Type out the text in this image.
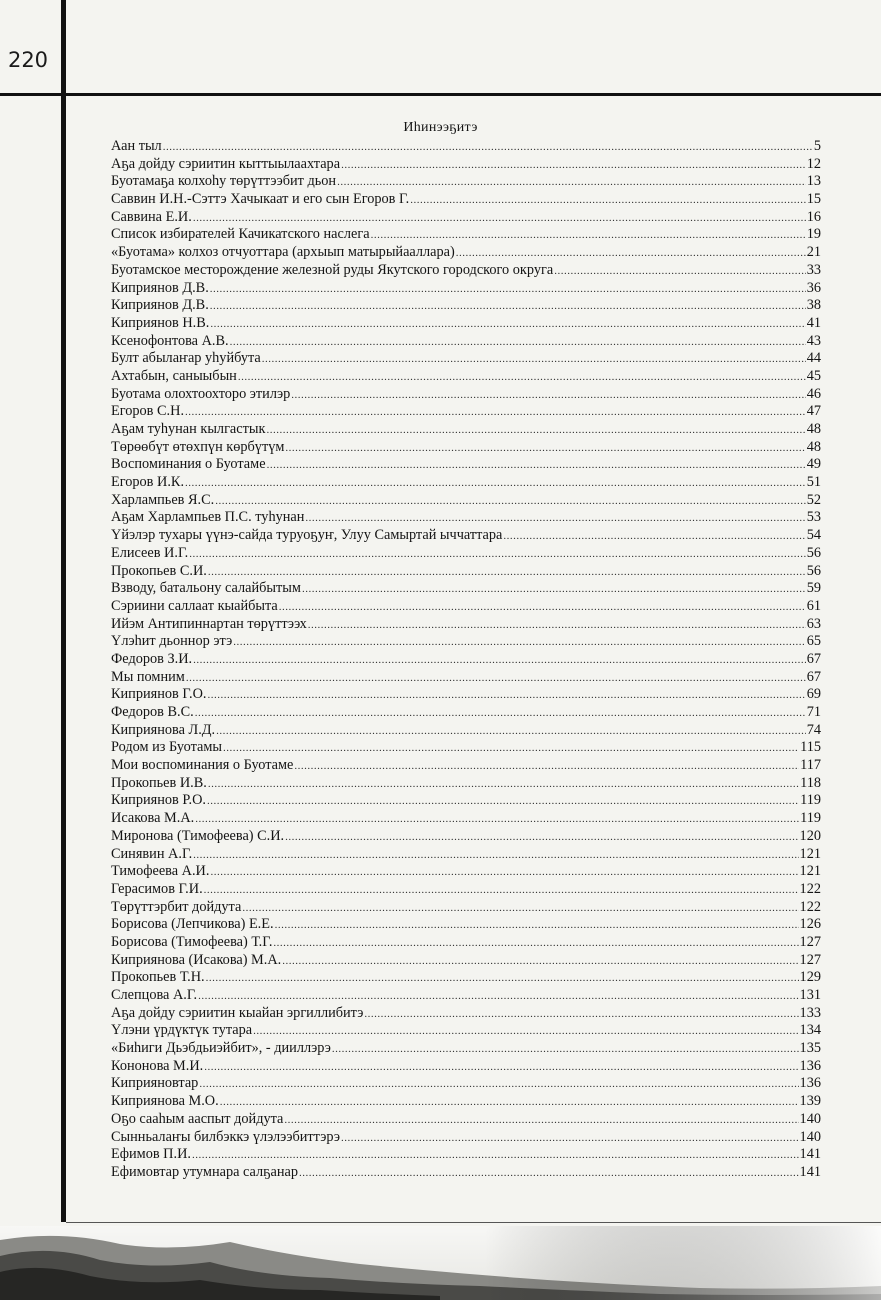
220
Иһинээҕитэ
Аан тыл .....	5
Аҕа дойду сэриитин кыттыылаахтара .....	12
Буотамаҕа колхоһу төрүттээбит дьон .....	13
Саввин И.Н.-Сэттэ Хачыкаат и его сын Егоров Г. .....	15
Саввина Е.И. .....	16
Список избирателей Качикатского наслега .....	19
«Буотама» колхоз отчуоттара (архыып матырыйааллара) .....	21
Буотамское месторождение железной руды Якутского городского округа .....	33
Киприянов Д.В. .....	36
Киприянов Д.В. .....	38
Киприянов Н.В. .....	41
Ксенофонтова А.В. .....	43
Булт абылаҥар уһуйбута .....	44
Ахтабын, саныыбын .....	45
Буотама олохтоохторо этилэр .....	46
Егоров С.Н. .....	47
Аҕам туһунан кылгастык .....	48
Төрөөбүт өтөхпүн көрбүтүм .....	48
Воспоминания о Буотаме .....	49
Егоров И.К. .....	51
Харлампьев Я.С. .....	52
Аҕам Харлампьев П.С. туһунан .....	53
Үйэлэр тухары үүнэ-сайда туруоҕуҥ, Улуу Самыртай ыччаттара .....	54
Елисеев И.Г. .....	56
Прокопьев С.И. .....	56
Взводу, батальону салайбытым .....	59
Сэриини саллаат кыайбыта .....	61
Ийэм Антипиннартан төрүттээх .....	63
Үлэһит дьоннор этэ .....	65
Федоров З.И. .....	67
Мы помним .....	67
Киприянов Г.О. .....	69
Федоров В.С. .....	71
Киприянова Л.Д. .....	74
Родом из Буотамы .....	115
Мои воспоминания о Буотаме .....	117
Прокопьев И.В. .....	118
Киприянов Р.О. .....	119
Исакова М.А. .....	119
Миронова (Тимофеева) С.И. .....	120
Синявин А.Г. .....	121
Тимофеева А.И. .....	121
Герасимов Г.И. .....	122
Төрүттэрбит дойдута .....	122
Борисова (Лепчикова) Е.Е. .....	126
Борисова (Тимофеева) Т.Г. .....	127
Киприянова (Исакова) М.А. .....	127
Прокопьев Т.Н. .....	129
Слепцова А.Г. .....	131
Аҕа дойду сэриитин кыайан эргиллибитэ .....	133
Үлэни үрдүктүк тутара .....	134
«Биһиги Дьэбдьиэйбит», - дииллэрэ .....	135
Кононова М.И. .....	136
Киприяновтар .....	136
Киприянова М.О. .....	139
Оҕо сааһым ааспыт дойдута .....	140
Сынньалаҥы билбэккэ үлэлээбиттэрэ .....	140
Ефимов П.И. .....	141
Ефимовтар утумнара салҕанар .....	141
